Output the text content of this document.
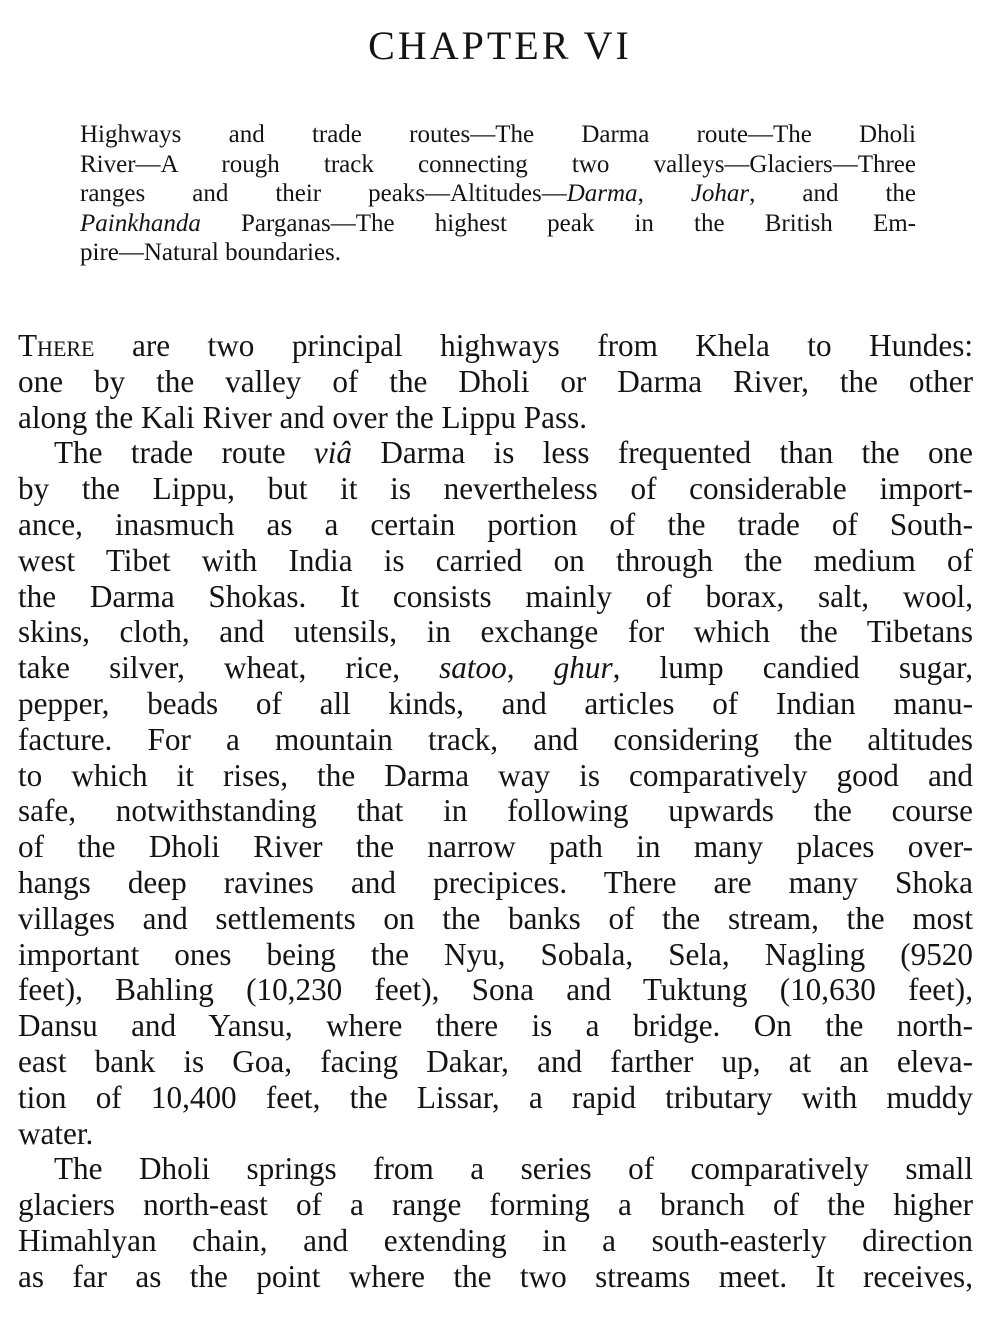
CHAPTER VI
Highways and trade routes—The Darma route—The Dholi
River—A rough track connecting two valleys—Glaciers—Three
ranges and their peaks—Altitudes—Darma, Johar, and the
Painkhanda Parganas—The highest peak in the British Em-
pire—Natural boundaries.
There are two principal highways from Khela to Hundes:
one by the valley of the Dholi or Darma River, the other
along the Kali River and over the Lippu Pass.
The trade route viâ Darma is less frequented than the one
by the Lippu, but it is nevertheless of considerable import-
ance, inasmuch as a certain portion of the trade of South-
west Tibet with India is carried on through the medium of
the Darma Shokas. It consists mainly of borax, salt, wool,
skins, cloth, and utensils, in exchange for which the Tibetans
take silver, wheat, rice, satoo, ghur, lump candied sugar,
pepper, beads of all kinds, and articles of Indian manu-
facture. For a mountain track, and considering the altitudes
to which it rises, the Darma way is comparatively good and
safe, notwithstanding that in following upwards the course
of the Dholi River the narrow path in many places over-
hangs deep ravines and precipices. There are many Shoka
villages and settlements on the banks of the stream, the most
important ones being the Nyu, Sobala, Sela, Nagling (9520
feet), Bahling (10,230 feet), Sona and Tuktung (10,630 feet),
Dansu and Yansu, where there is a bridge. On the north-
east bank is Goa, facing Dakar, and farther up, at an eleva-
tion of 10,400 feet, the Lissar, a rapid tributary with muddy
water.
The Dholi springs from a series of comparatively small
glaciers north-east of a range forming a branch of the higher
Himahlyan chain, and extending in a south-easterly direction
as far as the point where the two streams meet. It receives,
